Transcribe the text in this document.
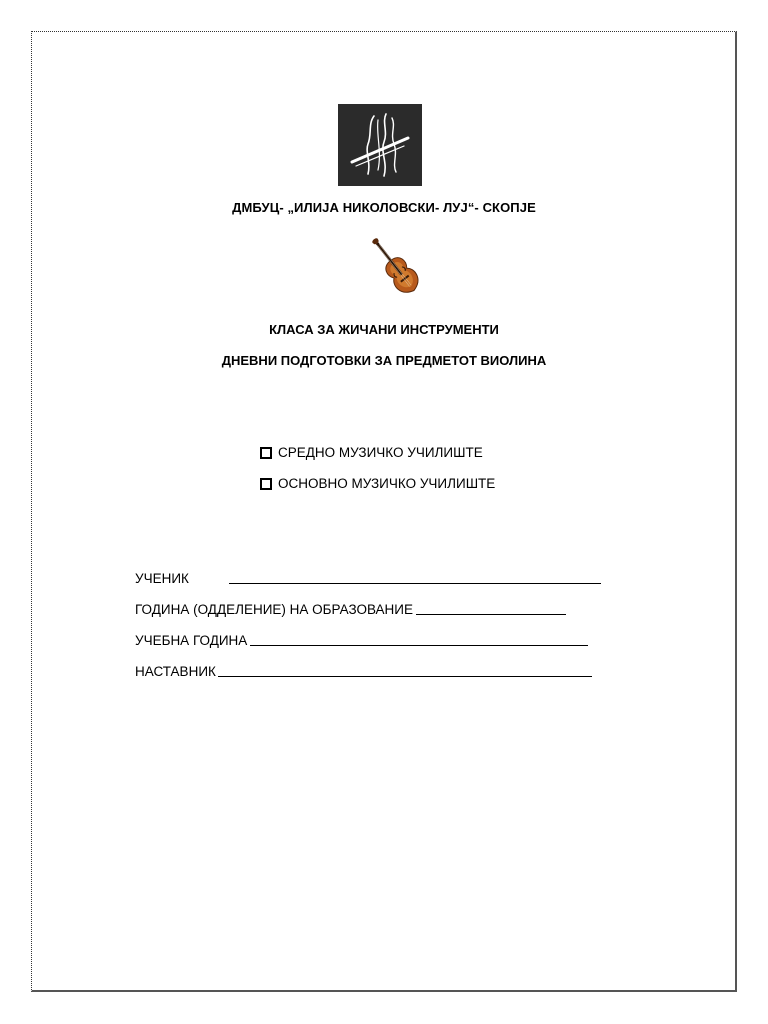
ДМБУЦ- „ИЛИЈА НИКОЛОВСКИ- ЛУЈ“- СКОПЈЕ
КЛАСА ЗА ЖИЧАНИ ИНСТРУМЕНТИ
ДНЕВНИ ПОДГОТОВКИ ЗА ПРЕДМЕТОТ ВИОЛИНА
СРЕДНО МУЗИЧКО УЧИЛИШТЕ
ОСНОВНО МУЗИЧКО УЧИЛИШТЕ
УЧЕНИК
ГОДИНА (ОДДЕЛЕНИЕ) НА ОБРАЗОВАНИЕ
УЧЕБНА ГОДИНА
НАСТАВНИК
